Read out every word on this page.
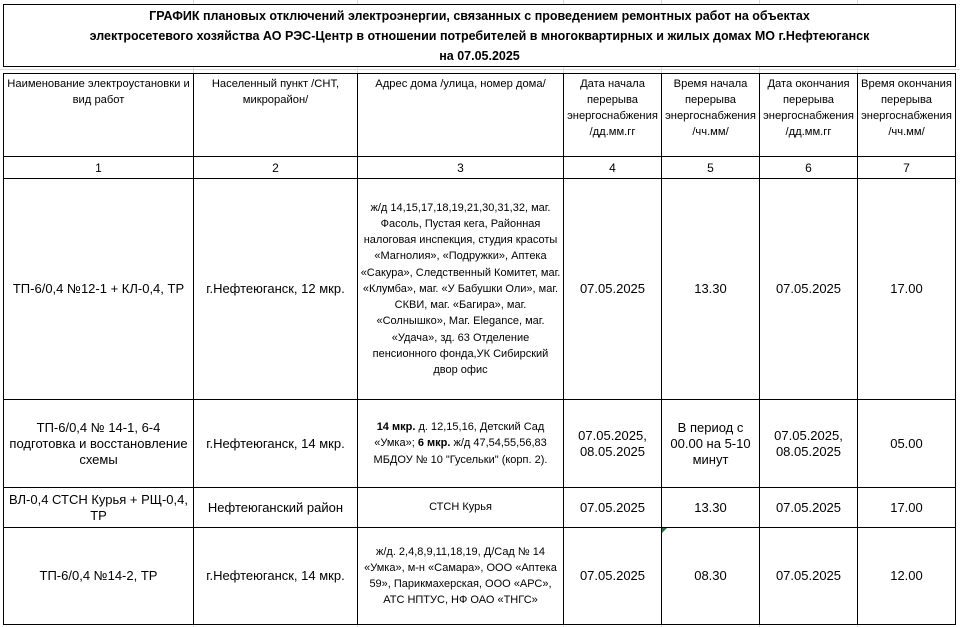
ГРАФИК плановых отключений электроэнергии, связанных с проведением ремонтных работ на объектах
электросетевого хозяйства АО РЭС-Центр в отношении потребителей в многоквартирных и жилых домах МО г.Нефтеюганск
на 07.05.2025
Наименование электроустановки и вид работ	Населенный пункт /СНТ, микрорайон/	Адрес дома /улица, номер дома/	Дата начала перерыва энергоснабжения /дд.мм.гг	Время начала перерыва энергоснабжения /чч.мм/	Дата окончания перерыва энергоснабжения /дд.мм.гг	Время окончания перерыва энергоснабжения /чч.мм/
1	2	3	4	5	6	7
ТП-6/0,4 №12-1 + КЛ-0,4, ТР	г.Нефтеюганск, 12 мкр.	ж/д 14,15,17,18,19,21,30,31,32, маг. Фасоль, Пустая кега, Районная налоговая инспекция, студия красоты «Магнолия», «Подружки», Аптека «Сакура», Следственный Комитет, маг. «Клумба», маг. «У Бабушки Оли», маг. СКВИ, маг. «Багира», маг. «Солнышко», Маг. Elegance, маг. «Удача», зд. 63 Отделение пенсионного фонда,УК Сибирский двор офис	07.05.2025	13.30	07.05.2025	17.00
ТП-6/0,4 № 14-1, 6-4 подготовка и восстановление схемы	г.Нефтеюганск, 14 мкр.	14 мкр. д. 12,15,16, Детский Сад «Умка»; 6 мкр. ж/д 47,54,55,56,83 МБДОУ № 10 "Гусельки" (корп. 2).	07.05.2025, 08.05.2025	В период с 00.00 на 5-10 минут	07.05.2025, 08.05.2025	05.00
ВЛ-0,4 СТСН Курья + РЩ-0,4, ТР	Нефтеюганский район	СТСН Курья	07.05.2025	13.30	07.05.2025	17.00
ТП-6/0,4 №14-2, ТР	г.Нефтеюганск, 14 мкр.	ж/д. 2,4,8,9,11,18,19, Д/Сад № 14 «Умка», м-н «Самара», ООО «Аптека 59», Парикмахерская, ООО «АРС», АТС НПТУС, НФ ОАО «ТНГС»	07.05.2025	08.30	07.05.2025	12.00
